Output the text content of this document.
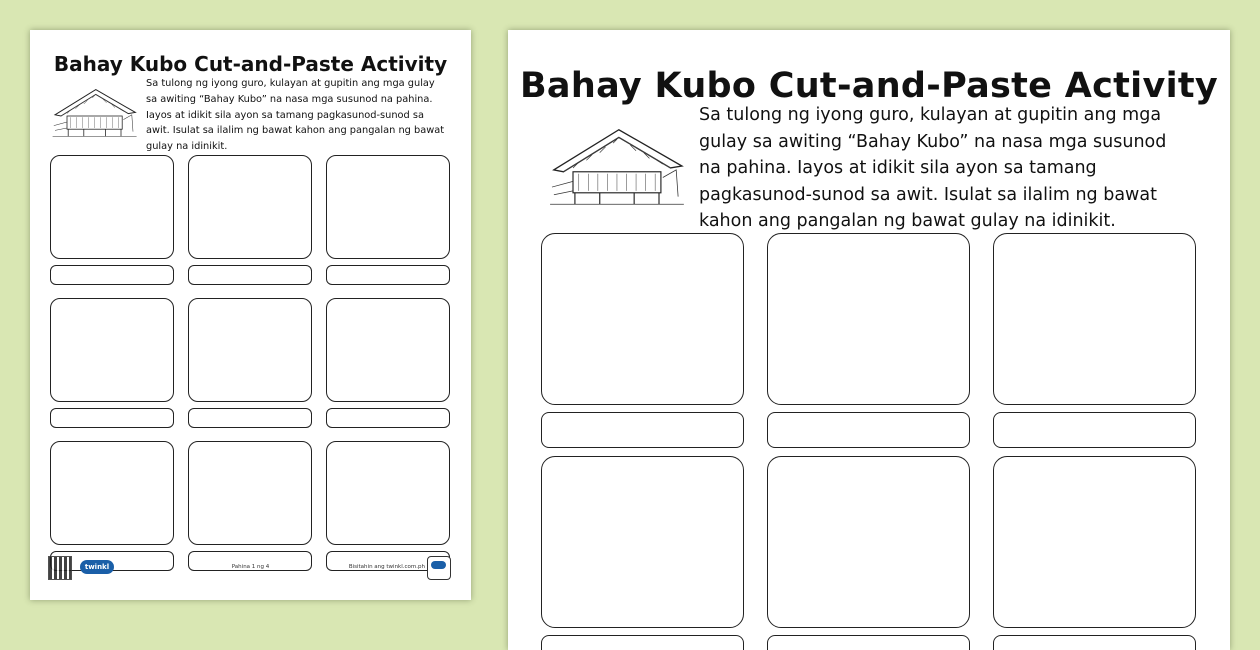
Bahay Kubo Cut-and-Paste Activity

Sa tulong ng iyong guro, kulayan at gupitin ang mga gulay sa awiting “Bahay Kubo” na nasa mga susunod na pahina. Iayos at idikit sila ayon sa tamang pagkasunod-sunod sa awit. Isulat sa ilalim ng bawat kahon ang pangalan ng bawat gulay na idinikit.

twinkl	Pahina 1 ng 4	Bisitahin ang twinkl.com.ph
Bahay Kubo Cut-and-Paste Activity

Sa tulong ng iyong guro, kulayan at gupitin ang mga gulay sa awiting “Bahay Kubo” na nasa mga susunod na pahina. Iayos at idikit sila ayon sa tamang pagkasunod-sunod sa awit. Isulat sa ilalim ng bawat kahon ang pangalan ng bawat gulay na idinikit.
